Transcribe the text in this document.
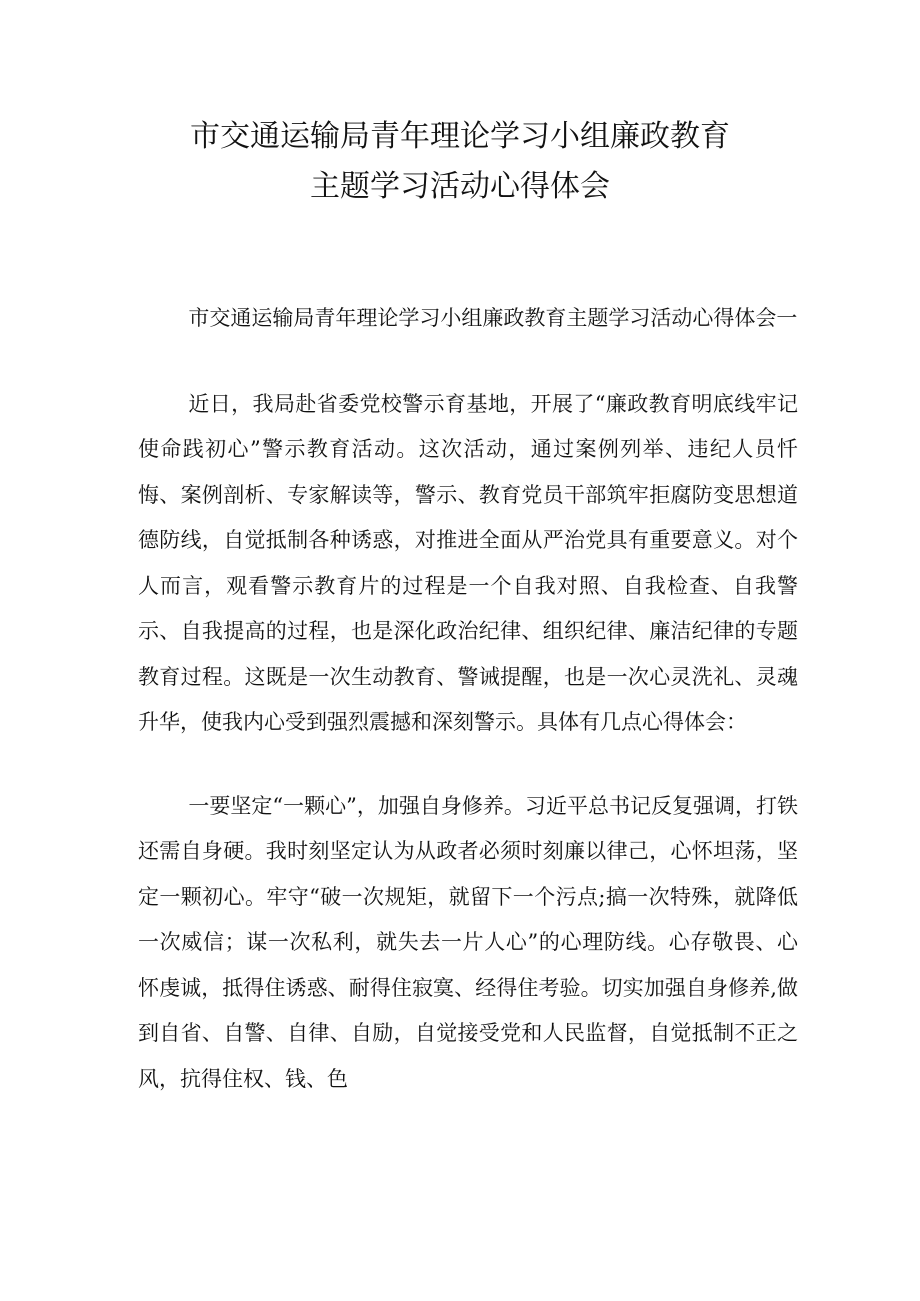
市交通运输局青年理论学习小组廉政教育
主题学习活动心得体会

市交通运输局青年理论学习小组廉政教育主题学习活动心得体会一

近日，我局赴省委党校警示育基地，开展了“廉政教育明底线牢记使命践初心”警示教育活动。这次活动，通过案例列举、违纪人员忏悔、案例剖析、专家解读等，警示、教育党员干部筑牢拒腐防变思想道德防线，自觉抵制各种诱惑，对推进全面从严治党具有重要意义。对个人而言，观看警示教育片的过程是一个自我对照、自我检查、自我警示、自我提高的过程，也是深化政治纪律、组织纪律、廉洁纪律的专题教育过程。这既是一次生动教育、警诫提醒，也是一次心灵洗礼、灵魂升华，使我内心受到强烈震撼和深刻警示。具体有几点心得体会：

一要坚定“一颗心”，加强自身修养。习近平总书记反复强调，打铁还需自身硬。我时刻坚定认为从政者必须时刻廉以律己，心怀坦荡，坚定一颗初心。牢守“破一次规矩，就留下一个污点;搞一次特殊，就降低一次威信；谋一次私利，就失去一片人心”的心理防线。心存敬畏、心怀虔诚，抵得住诱惑、耐得住寂寞、经得住考验。切实加强自身修养,做到自省、自警、自律、自励，自觉接受党和人民监督，自觉抵制不正之风，抗得住权、钱、色
